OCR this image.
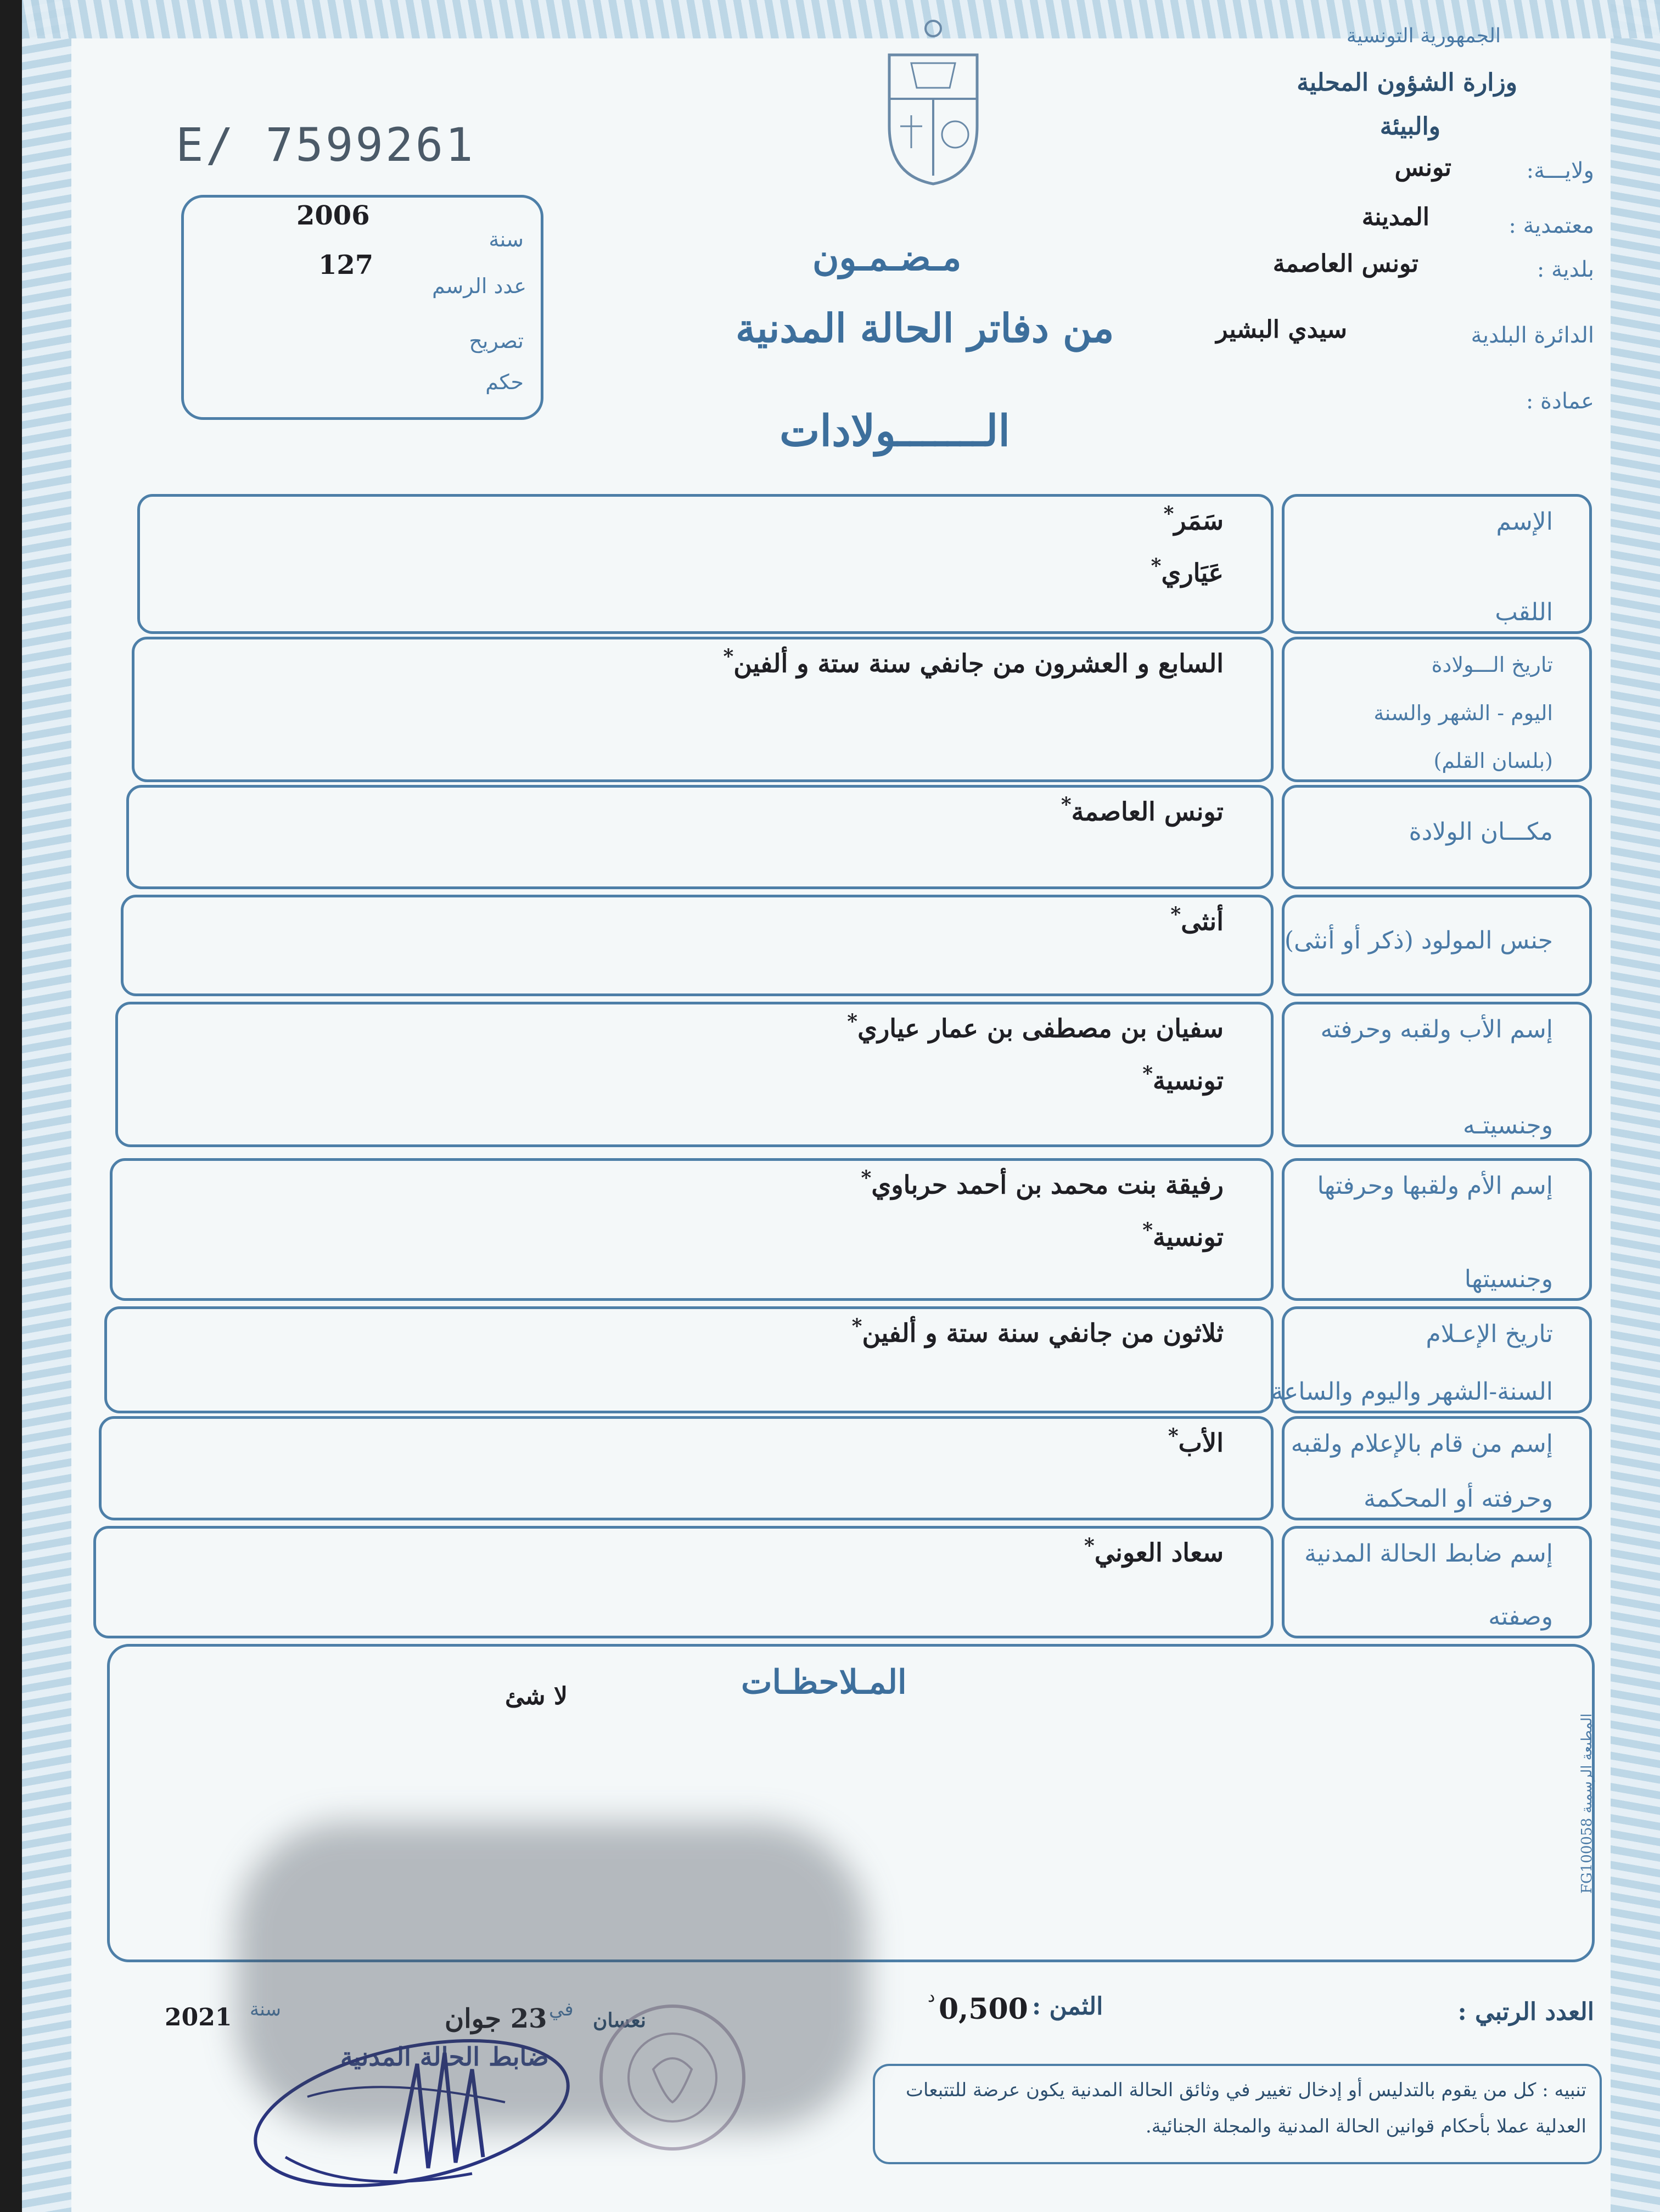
الجمهورية التونسية
وزارة الشؤون المحلية
والبيئة
ولايـــة:
تونس
معتمدية :
المدينة
بلدية :
تونس العاصمة
الدائرة البلدية
سيدي البشير
عمادة :
E/ 7599261
2006
سنة
127
عدد الرسم
تصريح
حكم
مـضـمـون
من دفاتر الحالة المدنية
الـــــــولادات
الإسم
اللقب
سَمَر*
عَيَاري*
تاريخ الـــولادة
اليوم - الشهر والسنة
(بلسان القلم)
السابع و العشرون من جانفي سنة ستة و ألفين*
مكـــان الولادة
تونس العاصمة*
جنس المولود (ذكر أو أنثى)
أنثى*
إسم الأب ولقبه وحرفته
وجنسيتـه
سفيان بن مصطفى بن عمار عياري*
تونسية*
إسم الأم ولقبها وحرفتها
وجنسيتها
رفيقة بنت محمد بن أحمد حرباوي*
تونسية*
تاريخ الإعـلام
السنة-الشهر واليوم والساعة
ثلاثون من جانفي سنة ستة و ألفين*
إسم من قام بالإعلام ولقبه
وحرفته أو المحكمة
الأب*
إسم ضابط الحالة المدنية
وصفته
سعاد العوني*
المـلاحظـات
لا شئ
العدد الرتبي :
الثمن :
0,500
د
نعسان
في
23 جوان
سنة
2021
ضابط الحالة المدنية
تنبيه : كل من يقوم بالتدليس أو إدخال تغيير في وثائق الحالة المدنية يكون عرضة للتتبعات العدلية عملا بأحكام قوانين الحالة المدنية والمجلة الجنائية.
المطبعة الرسمية FG100058
